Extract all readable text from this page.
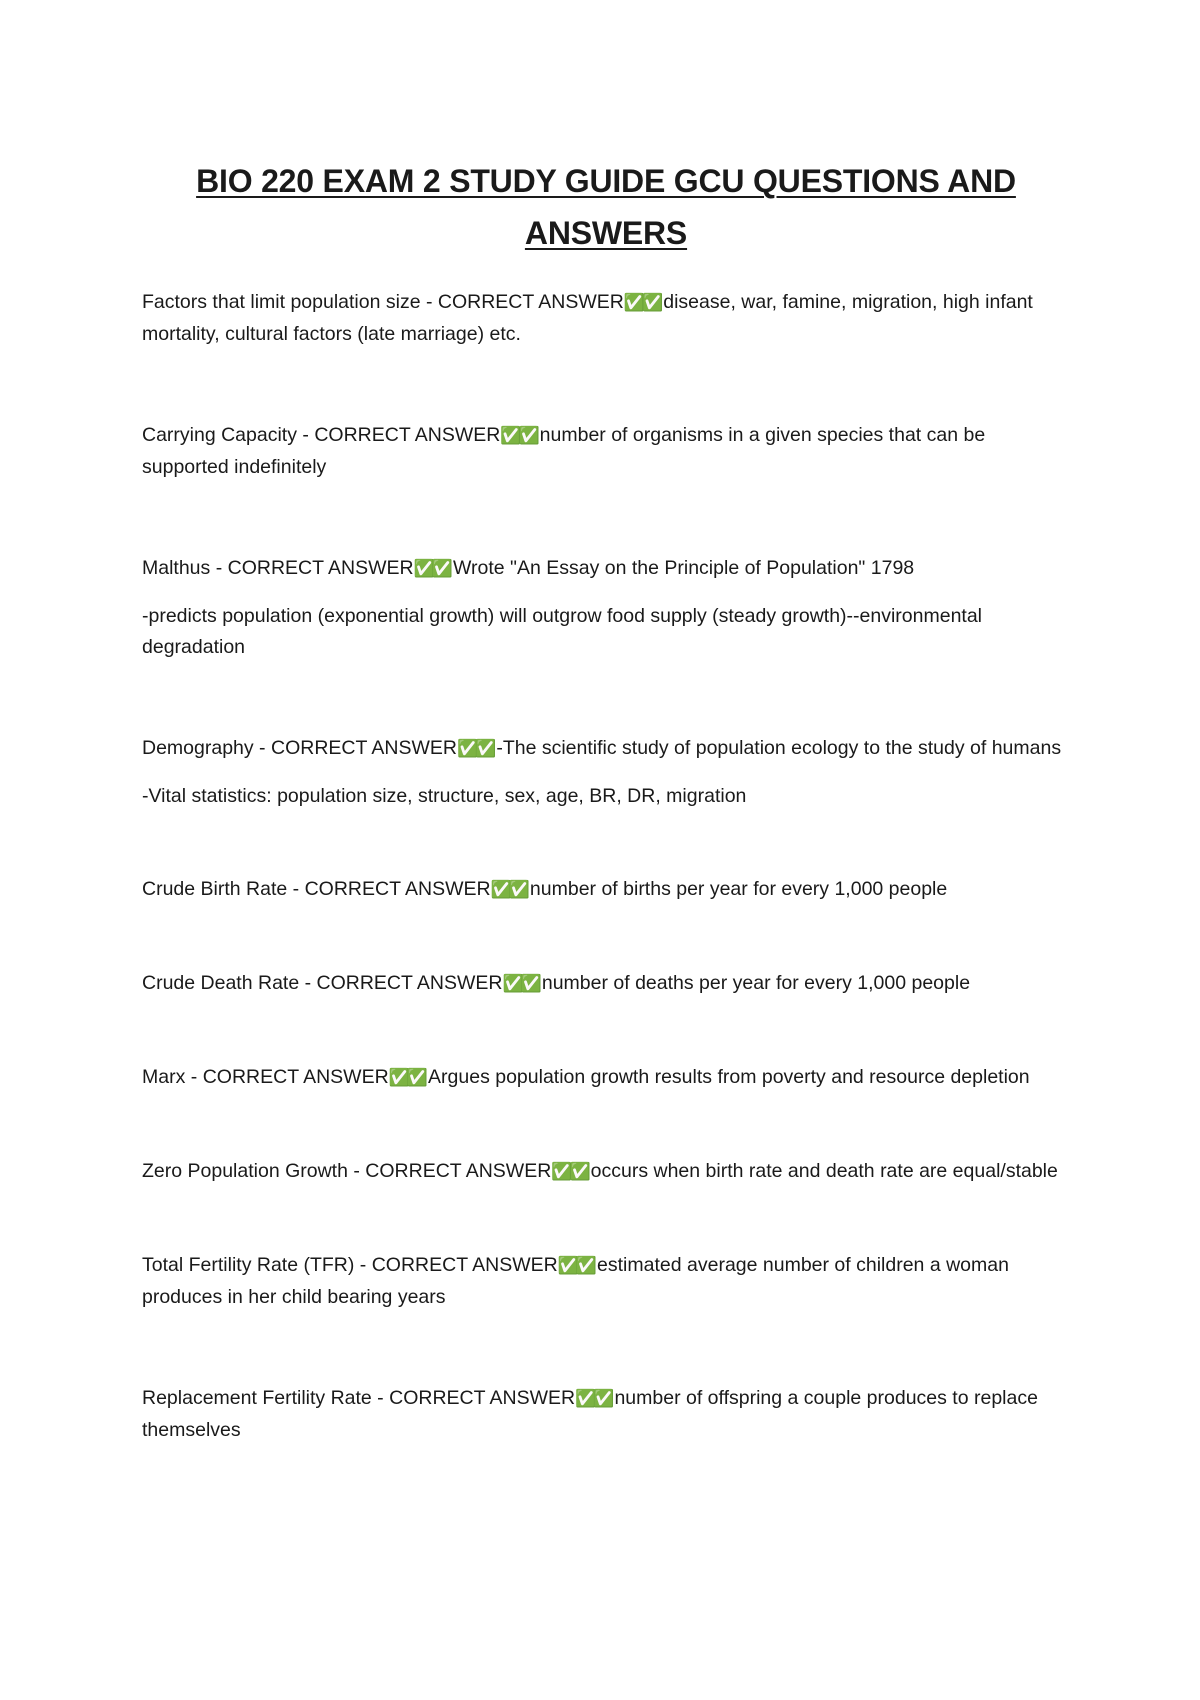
BIO 220 EXAM 2 STUDY GUIDE GCU QUESTIONS AND
ANSWERS

Factors that limit population size - CORRECT ANSWER✅✅ disease, war, famine, migration, high infant mortality, cultural factors (late marriage) etc.

Carrying Capacity - CORRECT ANSWER✅✅ number of organisms in a given species that can be supported indefinitely

Malthus - CORRECT ANSWER✅✅ Wrote "An Essay on the Principle of Population" 1798

-predicts population (exponential growth) will outgrow food supply (steady growth)--environmental degradation

Demography - CORRECT ANSWER✅✅ -The scientific study of population ecology to the study of humans

-Vital statistics: population size, structure, sex, age, BR, DR, migration

Crude Birth Rate - CORRECT ANSWER✅✅ number of births per year for every 1,000 people

Crude Death Rate - CORRECT ANSWER✅✅ number of deaths per year for every 1,000 people

Marx - CORRECT ANSWER✅✅ Argues population growth results from poverty and resource depletion

Zero Population Growth - CORRECT ANSWER✅✅ occurs when birth rate and death rate are equal/stable

Total Fertility Rate (TFR) - CORRECT ANSWER✅✅ estimated average number of children a woman produces in her child bearing years

Replacement Fertility Rate - CORRECT ANSWER✅✅ number of offspring a couple produces to replace themselves
